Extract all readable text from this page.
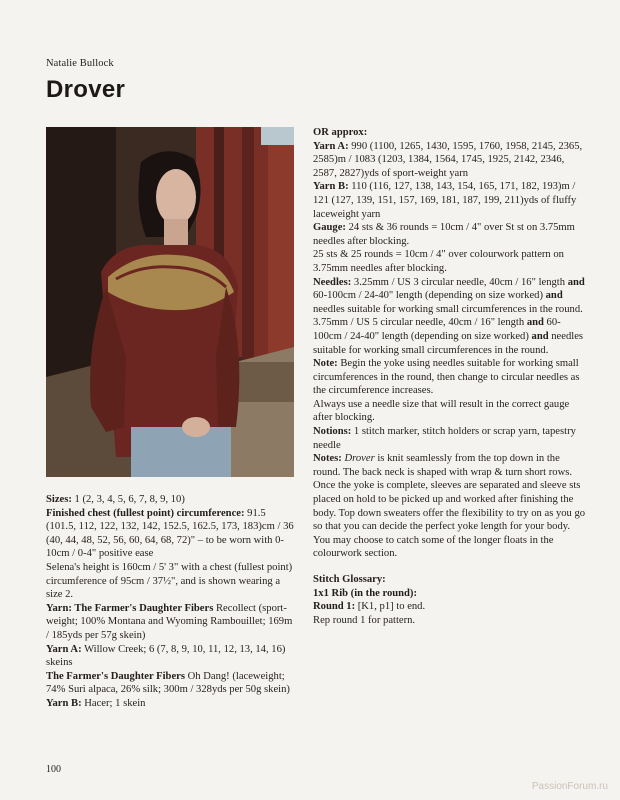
Natalie Bullock
Drover

Sizes: 1 (2, 3, 4, 5, 6, 7, 8, 9, 10)

Finished chest (fullest point) circumference: 91.5 (101.5, 112, 122, 132, 142, 152.5, 162.5, 173, 183)cm / 36 (40, 44, 48, 52, 56, 60, 64, 68, 72)" – to be worn with 0-10cm / 0-4" positive ease

Selena's height is 160cm / 5' 3" with a chest (fullest point) circumference of 95cm / 37½", and is shown wearing a size 2.

Yarn: The Farmer's Daughter Fibers Recollect (sport-weight; 100% Montana and Wyoming Rambouillet; 169m / 185yds per 57g skein)

Yarn A: Willow Creek; 6 (7, 8, 9, 10, 11, 12, 13, 14, 16) skeins

The Farmer's Daughter Fibers Oh Dang! (laceweight; 74% Suri alpaca, 26% silk; 300m / 328yds per 50g skein)

Yarn B: Hacer; 1 skein

OR approx:

Yarn A: 990 (1100, 1265, 1430, 1595, 1760, 1958, 2145, 2365, 2585)m / 1083 (1203, 1384, 1564, 1745, 1925, 2142, 2346, 2587, 2827)yds of sport-weight yarn

Yarn B: 110 (116, 127, 138, 143, 154, 165, 171, 182, 193)m / 121 (127, 139, 151, 157, 169, 181, 187, 199, 211)yds of fluffy laceweight yarn

Gauge: 24 sts & 36 rounds = 10cm / 4" over St st on 3.75mm needles after blocking.

25 sts & 25 rounds = 10cm / 4" over colourwork pattern on 3.75mm needles after blocking.

Needles: 3.25mm / US 3 circular needle, 40cm / 16" length and 60-100cm / 24-40" length (depending on size worked) and needles suitable for working small circumferences in the round.

3.75mm / US 5 circular needle, 40cm / 16" length and 60-100cm / 24-40" length (depending on size worked) and needles suitable for working small circumferences in the round.

Note: Begin the yoke using needles suitable for working small circumferences in the round, then change to circular needles as the circumference increases.

Always use a needle size that will result in the correct gauge after blocking.

Notions: 1 stitch marker, stitch holders or scrap yarn, tapestry needle

Notes: Drover is knit seamlessly from the top down in the round. The back neck is shaped with wrap & turn short rows. Once the yoke is complete, sleeves are separated and sleeve sts placed on hold to be picked up and worked after finishing the body. Top down sweaters offer the flexibility to try on as you go so that you can decide the perfect yoke length for your body. You may choose to catch some of the longer floats in the colourwork section.

Stitch Glossary:

1x1 Rib (in the round):

Round 1: [K1, p1] to end.

Rep round 1 for pattern.

100
PassionForum.ru
